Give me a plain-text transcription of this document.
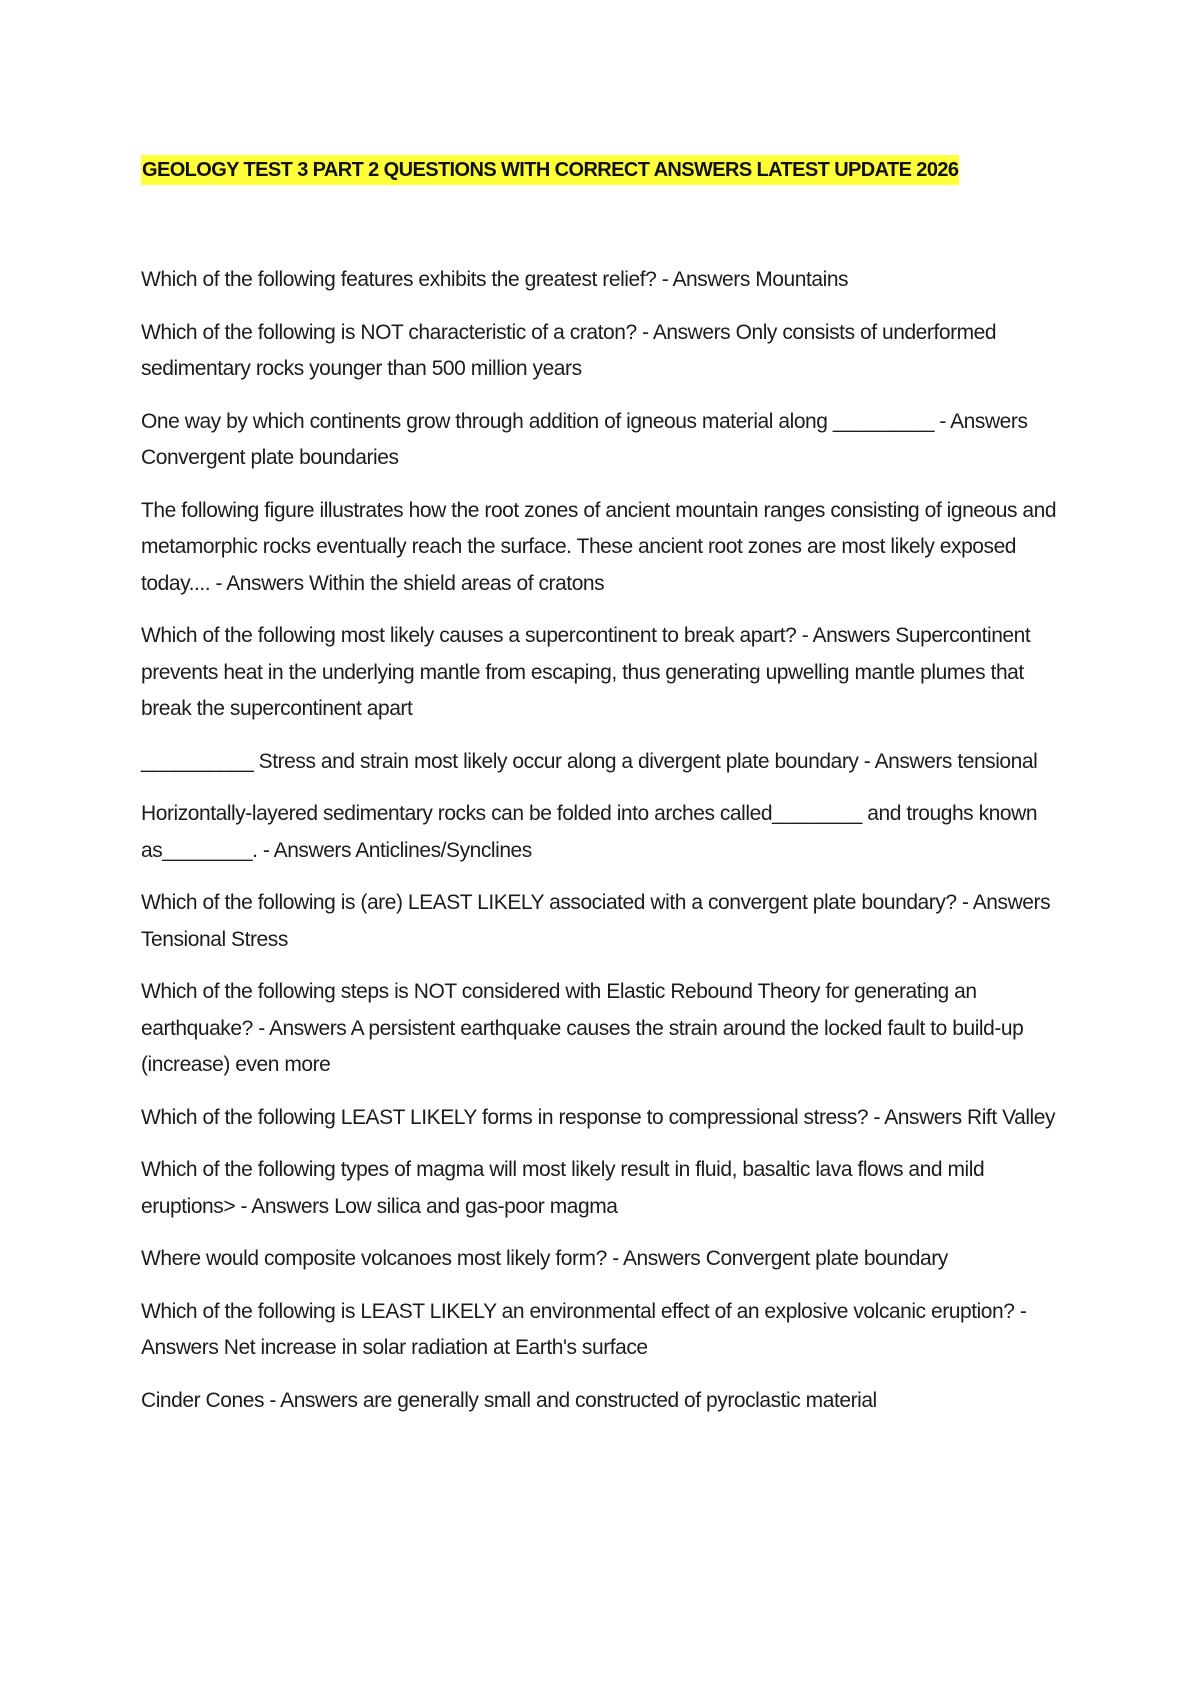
GEOLOGY TEST 3 PART 2 QUESTIONS WITH CORRECT ANSWERS LATEST UPDATE 2026

Which of the following features exhibits the greatest relief? - Answers Mountains

Which of the following is NOT characteristic of a craton? - Answers Only consists of underformed sedimentary rocks younger than 500 million years

One way by which continents grow through addition of igneous material along _________ - Answers Convergent plate boundaries

The following figure illustrates how the root zones of ancient mountain ranges consisting of igneous and metamorphic rocks eventually reach the surface. These ancient root zones are most likely exposed today.... - Answers Within the shield areas of cratons

Which of the following most likely causes a supercontinent to break apart? - Answers Supercontinent prevents heat in the underlying mantle from escaping, thus generating upwelling mantle plumes that break the supercontinent apart

__________ Stress and strain most likely occur along a divergent plate boundary - Answers tensional

Horizontally-layered sedimentary rocks can be folded into arches called________ and troughs known as________. - Answers Anticlines/Synclines

Which of the following is (are) LEAST LIKELY associated with a convergent plate boundary? - Answers Tensional Stress

Which of the following steps is NOT considered with Elastic Rebound Theory for generating an earthquake? - Answers A persistent earthquake causes the strain around the locked fault to build-up (increase) even more

Which of the following LEAST LIKELY forms in response to compressional stress? - Answers Rift Valley

Which of the following types of magma will most likely result in fluid, basaltic lava flows and mild eruptions> - Answers Low silica and gas-poor magma

Where would composite volcanoes most likely form? - Answers Convergent plate boundary

Which of the following is LEAST LIKELY an environmental effect of an explosive volcanic eruption? - Answers Net increase in solar radiation at Earth's surface

Cinder Cones - Answers are generally small and constructed of pyroclastic material
